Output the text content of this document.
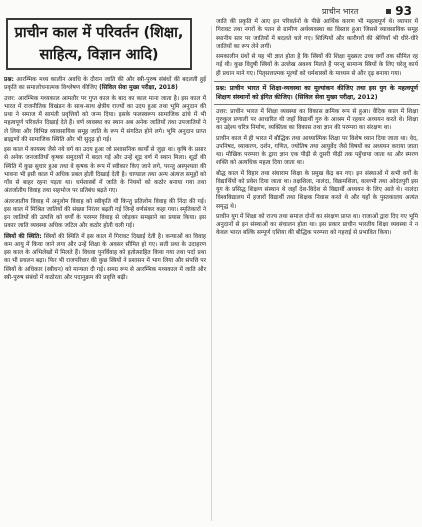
प्राचीन काल में परिवर्तन (शिक्षा, साहित्य, विज्ञान आदि)

प्रश्न: आरम्भिक मध्य कालीन अवधि के दौरान जाति की और स्त्री-पुरुष संबंधों की बदलती हुई प्रकृति का समालोचनात्मक विश्लेषण कीजिए (सिविल सेवा मुख्य परीक्षा, 2018)

उत्तर: आरम्भिक मध्यकाल आमतौर पर गुप्त काल के बाद का काल माना जाता है। इस काल में भारत में राजनीतिक विखंडन के साथ-साथ क्षेत्रीय राज्यों का उदय हुआ तथा भूमि अनुदान की प्रथा ने समाज में सामंती प्रवृत्तियों को जन्म दिया। इसके फलस्वरूप सामाजिक ढांचे में भी महत्वपूर्ण परिवर्तन दिखाई देते हैं। वर्ण व्यवस्था का स्थान अब अनेक जातियों तथा उपजातियों ने ले लिया और विभिन्न व्यावसायिक समूह जाति के रूप में संगठित होने लगे। भूमि अनुदान प्राप्त ब्राह्मणों की सामाजिक स्थिति और भी सुदृढ़ हो गई।

इस काल में कायस्थ जैसे नये वर्ग का उदय हुआ जो प्रशासनिक कार्यों से जुड़ा था। कृषि के प्रसार से अनेक जनजातियाँ कृषक समुदायों में बदल गईं और उन्हें शूद्र वर्ण में स्थान मिला। शूद्रों की स्थिति में कुछ सुधार हुआ तथा वे कृषक के रूप में स्वीकार किए जाने लगे, परन्तु अस्पृश्यता की भावना भी इसी काल में अधिक प्रबल होती दिखाई देती है। चाण्डाल तथा अन्य अंत्यज समूहों को गाँव से बाहर रहना पड़ता था। धर्मशास्त्रों में जाति के नियमों को कठोर बनाया गया तथा अंतर्जातीय विवाह तथा सहभोज पर प्रतिबंध बढ़ते गए।

अंतरजातीय विवाह में अनुलोम विवाह को स्वीकृति थी किन्तु प्रतिलोम विवाह की निंदा की गई। इस काल में मिश्रित जातियों की संख्या निरंतर बढ़ती गई जिन्हें वर्णसंकर कहा गया। स्मृतिकारों ने इन जातियों की उत्पत्ति को वर्णों के परस्पर विवाह से जोड़कर समझाने का प्रयास किया। इस प्रकार जाति व्यवस्था अधिक जटिल और कठोर होती चली गई।

स्त्रियों की स्थिति: स्त्रियों की स्थिति में इस काल में गिरावट दिखाई देती है। कन्याओं का विवाह कम आयु में किया जाने लगा और उन्हें शिक्षा के अवसर सीमित हो गए। सती प्रथा के उदाहरण इस काल के अभिलेखों में मिलते हैं। विधवा पुनर्विवाह को हतोत्साहित किया गया तथा पर्दा प्रथा का भी प्रचलन बढ़ा। फिर भी राजपरिवार की कुछ स्त्रियों ने प्रशासन में भाग लिया और संपत्ति पर स्त्रियों के अधिकार (स्त्रीधन) को मान्यता दी गई। समग्र रूप से आरम्भिक मध्यकाल में जाति और स्त्री-पुरुष संबंधों में कठोरता और पदानुक्रम की प्रवृत्ति बढ़ी।

प्राचीन भारत	93

जाति की प्रकृति में आए इन परिवर्तनों के पीछे आर्थिक कारण भी महत्वपूर्ण थे। व्यापार में गिरावट तथा नगरों के पतन से ग्रामीण अर्थव्यवस्था का विस्तार हुआ जिससे व्यावसायिक समूह स्थानीय स्तर पर जातियों में बदलते चले गए। शिल्पियों और कारीगरों की श्रेणियाँ भी धीरे-धीरे जातियों का रूप लेने लगीं।

समकालीन ग्रंथों से यह भी ज्ञात होता है कि स्त्रियों की शिक्षा मुख्यतः उच्च वर्गों तक सीमित रह गई थी। कुछ विदुषी स्त्रियों के उल्लेख अवश्य मिलते हैं परन्तु सामान्य स्त्रियों के लिए घरेलू कार्य ही प्रधान माने गए। पितृसत्तात्मक मूल्यों को धर्मशास्त्रों के माध्यम से और दृढ़ बनाया गया।

प्रश्न: प्राचीन भारत में शिक्षा-व्यवस्था का मूल्यांकन कीजिए तथा इस युग के महत्वपूर्ण शिक्षण संस्थानों को इंगित कीजिए। (सिविल सेवा मुख्य परीक्षा, 2012)

उत्तर: प्राचीन भारत में शिक्षा व्यवस्था का विकास क्रमिक रूप से हुआ। वैदिक काल में शिक्षा गुरुकुल प्रणाली पर आधारित थी जहाँ विद्यार्थी गुरु के आश्रम में रहकर अध्ययन करते थे। शिक्षा का उद्देश्य चरित्र निर्माण, व्यक्तित्व का विकास तथा ज्ञान की परम्परा का संरक्षण था।

प्राचीन काल में ही भारत में बौद्धिक तथा आध्यात्मिक शिक्षा पर विशेष ध्यान दिया जाता था। वेद, उपनिषद, व्याकरण, दर्शन, गणित, ज्योतिष तथा आयुर्वेद जैसे विषयों का अध्ययन कराया जाता था। मौखिक परम्परा के द्वारा ज्ञान एक पीढ़ी से दूसरी पीढ़ी तक पहुँचाया जाता था और स्मरण शक्ति को अत्यधिक महत्व दिया जाता था।

बौद्ध काल में विहार तथा संघाराम शिक्षा के प्रमुख केंद्र बन गए। इन संस्थाओं में सभी वर्गों के विद्यार्थियों को प्रवेश दिया जाता था। तक्षशिला, नालंदा, विक्रमशिला, वल्लभी तथा ओदंतपुरी इस युग के प्रसिद्ध शिक्षण संस्थान थे जहाँ देश-विदेश से विद्यार्थी अध्ययन के लिए आते थे। नालंदा विश्वविद्यालय में हजारों विद्यार्थी तथा शिक्षक निवास करते थे और यहाँ के पुस्तकालय अत्यंत समृद्ध थे।

प्राचीन युग में शिक्षा को राज्य तथा समाज दोनों का संरक्षण प्राप्त था। राजाओं द्वारा दिए गए भूमि अनुदानों से इन संस्थाओं का संचालन होता था। इस प्रकार प्राचीन भारतीय शिक्षा व्यवस्था ने न केवल भारत बल्कि सम्पूर्ण एशिया की बौद्धिक परम्परा को गहराई से प्रभावित किया।
